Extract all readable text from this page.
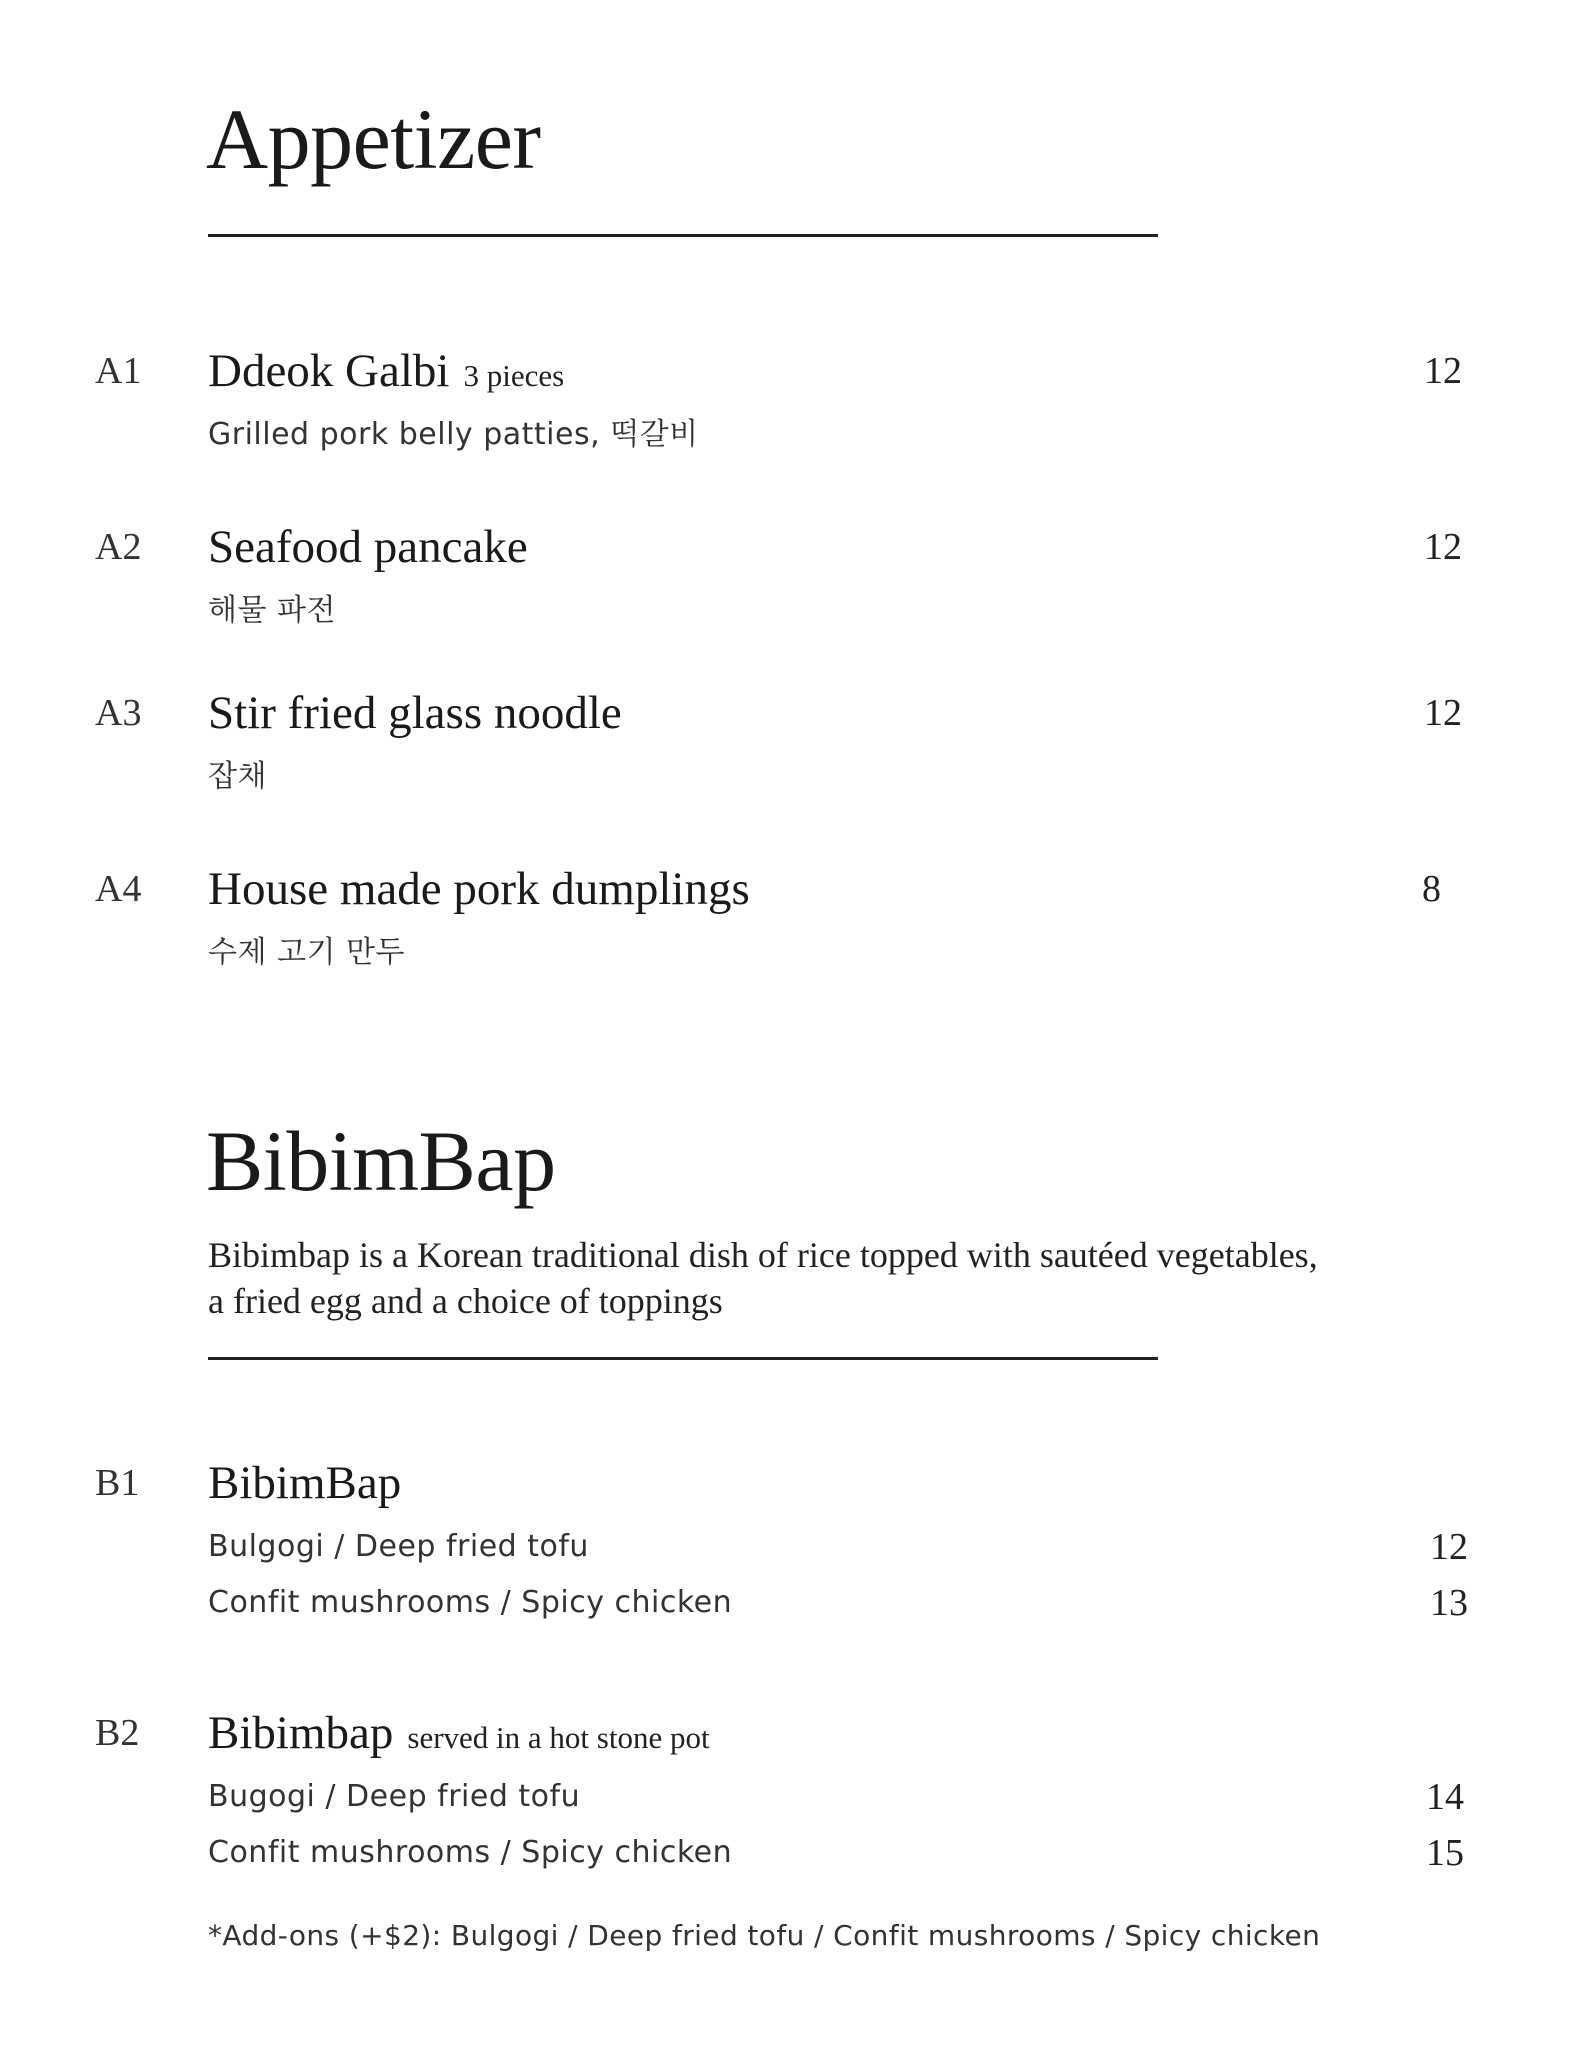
Appetizer
A1 Ddeok Galbi 3 pieces
Grilled pork belly patties, 떡갈비
12
A2 Seafood pancake
해물 파전
12
A3 Stir fried glass noodle
잡채
12
A4 House made pork dumplings
수제 고기 만두
8
BibimBap
Bibimbap is a Korean traditional dish of rice topped with sautéed vegetables,
a fried egg and a choice of toppings
B1 BibimBap
Bulgogi / Deep fried tofu	12
Confit mushrooms / Spicy chicken	13
B2 Bibimbap served in a hot stone pot
Bugogi / Deep fried tofu	14
Confit mushrooms / Spicy chicken	15
*Add-ons (+$2): Bulgogi / Deep fried tofu / Confit mushrooms / Spicy chicken
